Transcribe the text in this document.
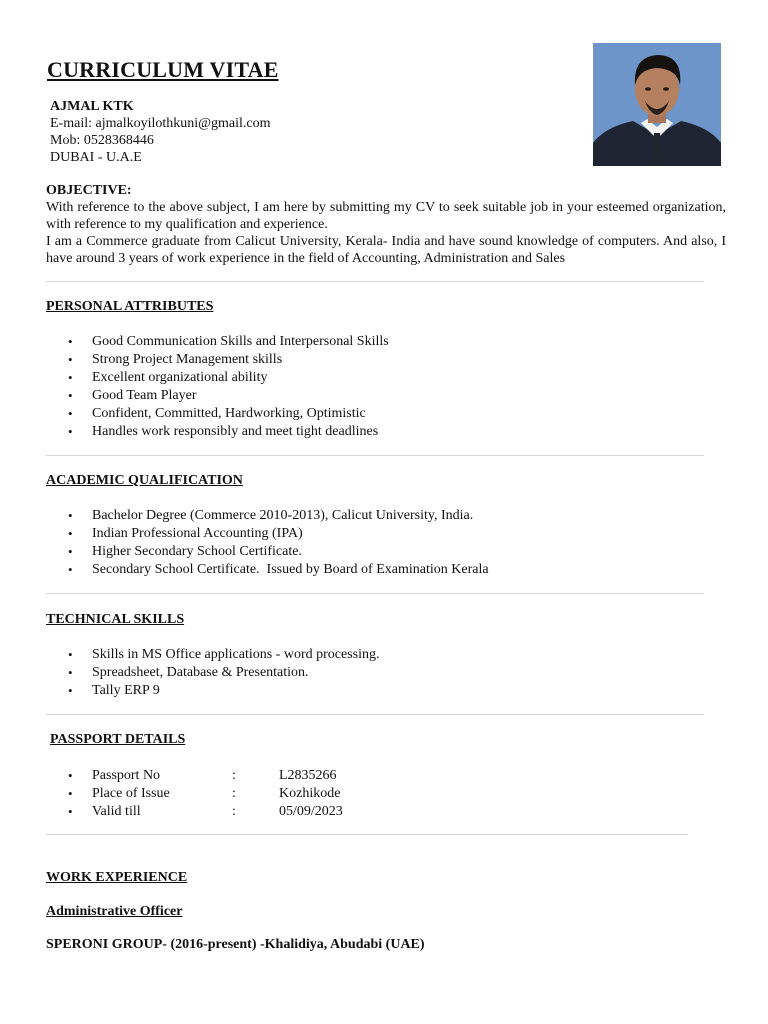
CURRICULUM VITAE
AJMAL KTK
E-mail: ajmalkoyilothkuni@gmail.com
Mob: 0528368446
DUBAI - U.A.E
OBJECTIVE:

With reference to the above subject, I am here by submitting my CV to seek suitable job in your esteemed organization, with reference to my qualification and experience.

I am a Commerce graduate from Calicut University, Kerala- India and have sound knowledge of computers. And also, I have around 3 years of work experience in the field of Accounting, Administration and Sales

PERSONAL ATTRIBUTES
• Good Communication Skills and Interpersonal Skills
• Strong Project Management skills
• Excellent organizational ability
• Good Team Player
• Confident, Committed, Hardworking, Optimistic
• Handles work responsibly and meet tight deadlines
ACADEMIC QUALIFICATION
• Bachelor Degree (Commerce 2010-2013), Calicut University, India.
• Indian Professional Accounting (IPA)
• Higher Secondary School Certificate.
• Secondary School Certificate.  Issued by Board of Examination Kerala
TECHNICAL SKILLS
• Skills in MS Office applications - word processing.
• Spreadsheet, Database & Presentation.
• Tally ERP 9
PASSPORT DETAILS
• Passport No	:	L2835266
• Place of Issue	:	Kozhikode
• Valid till	:	05/09/2023
WORK EXPERIENCE
Administrative Officer
SPERONI GROUP- (2016-present) -Khalidiya, Abudabi (UAE)
